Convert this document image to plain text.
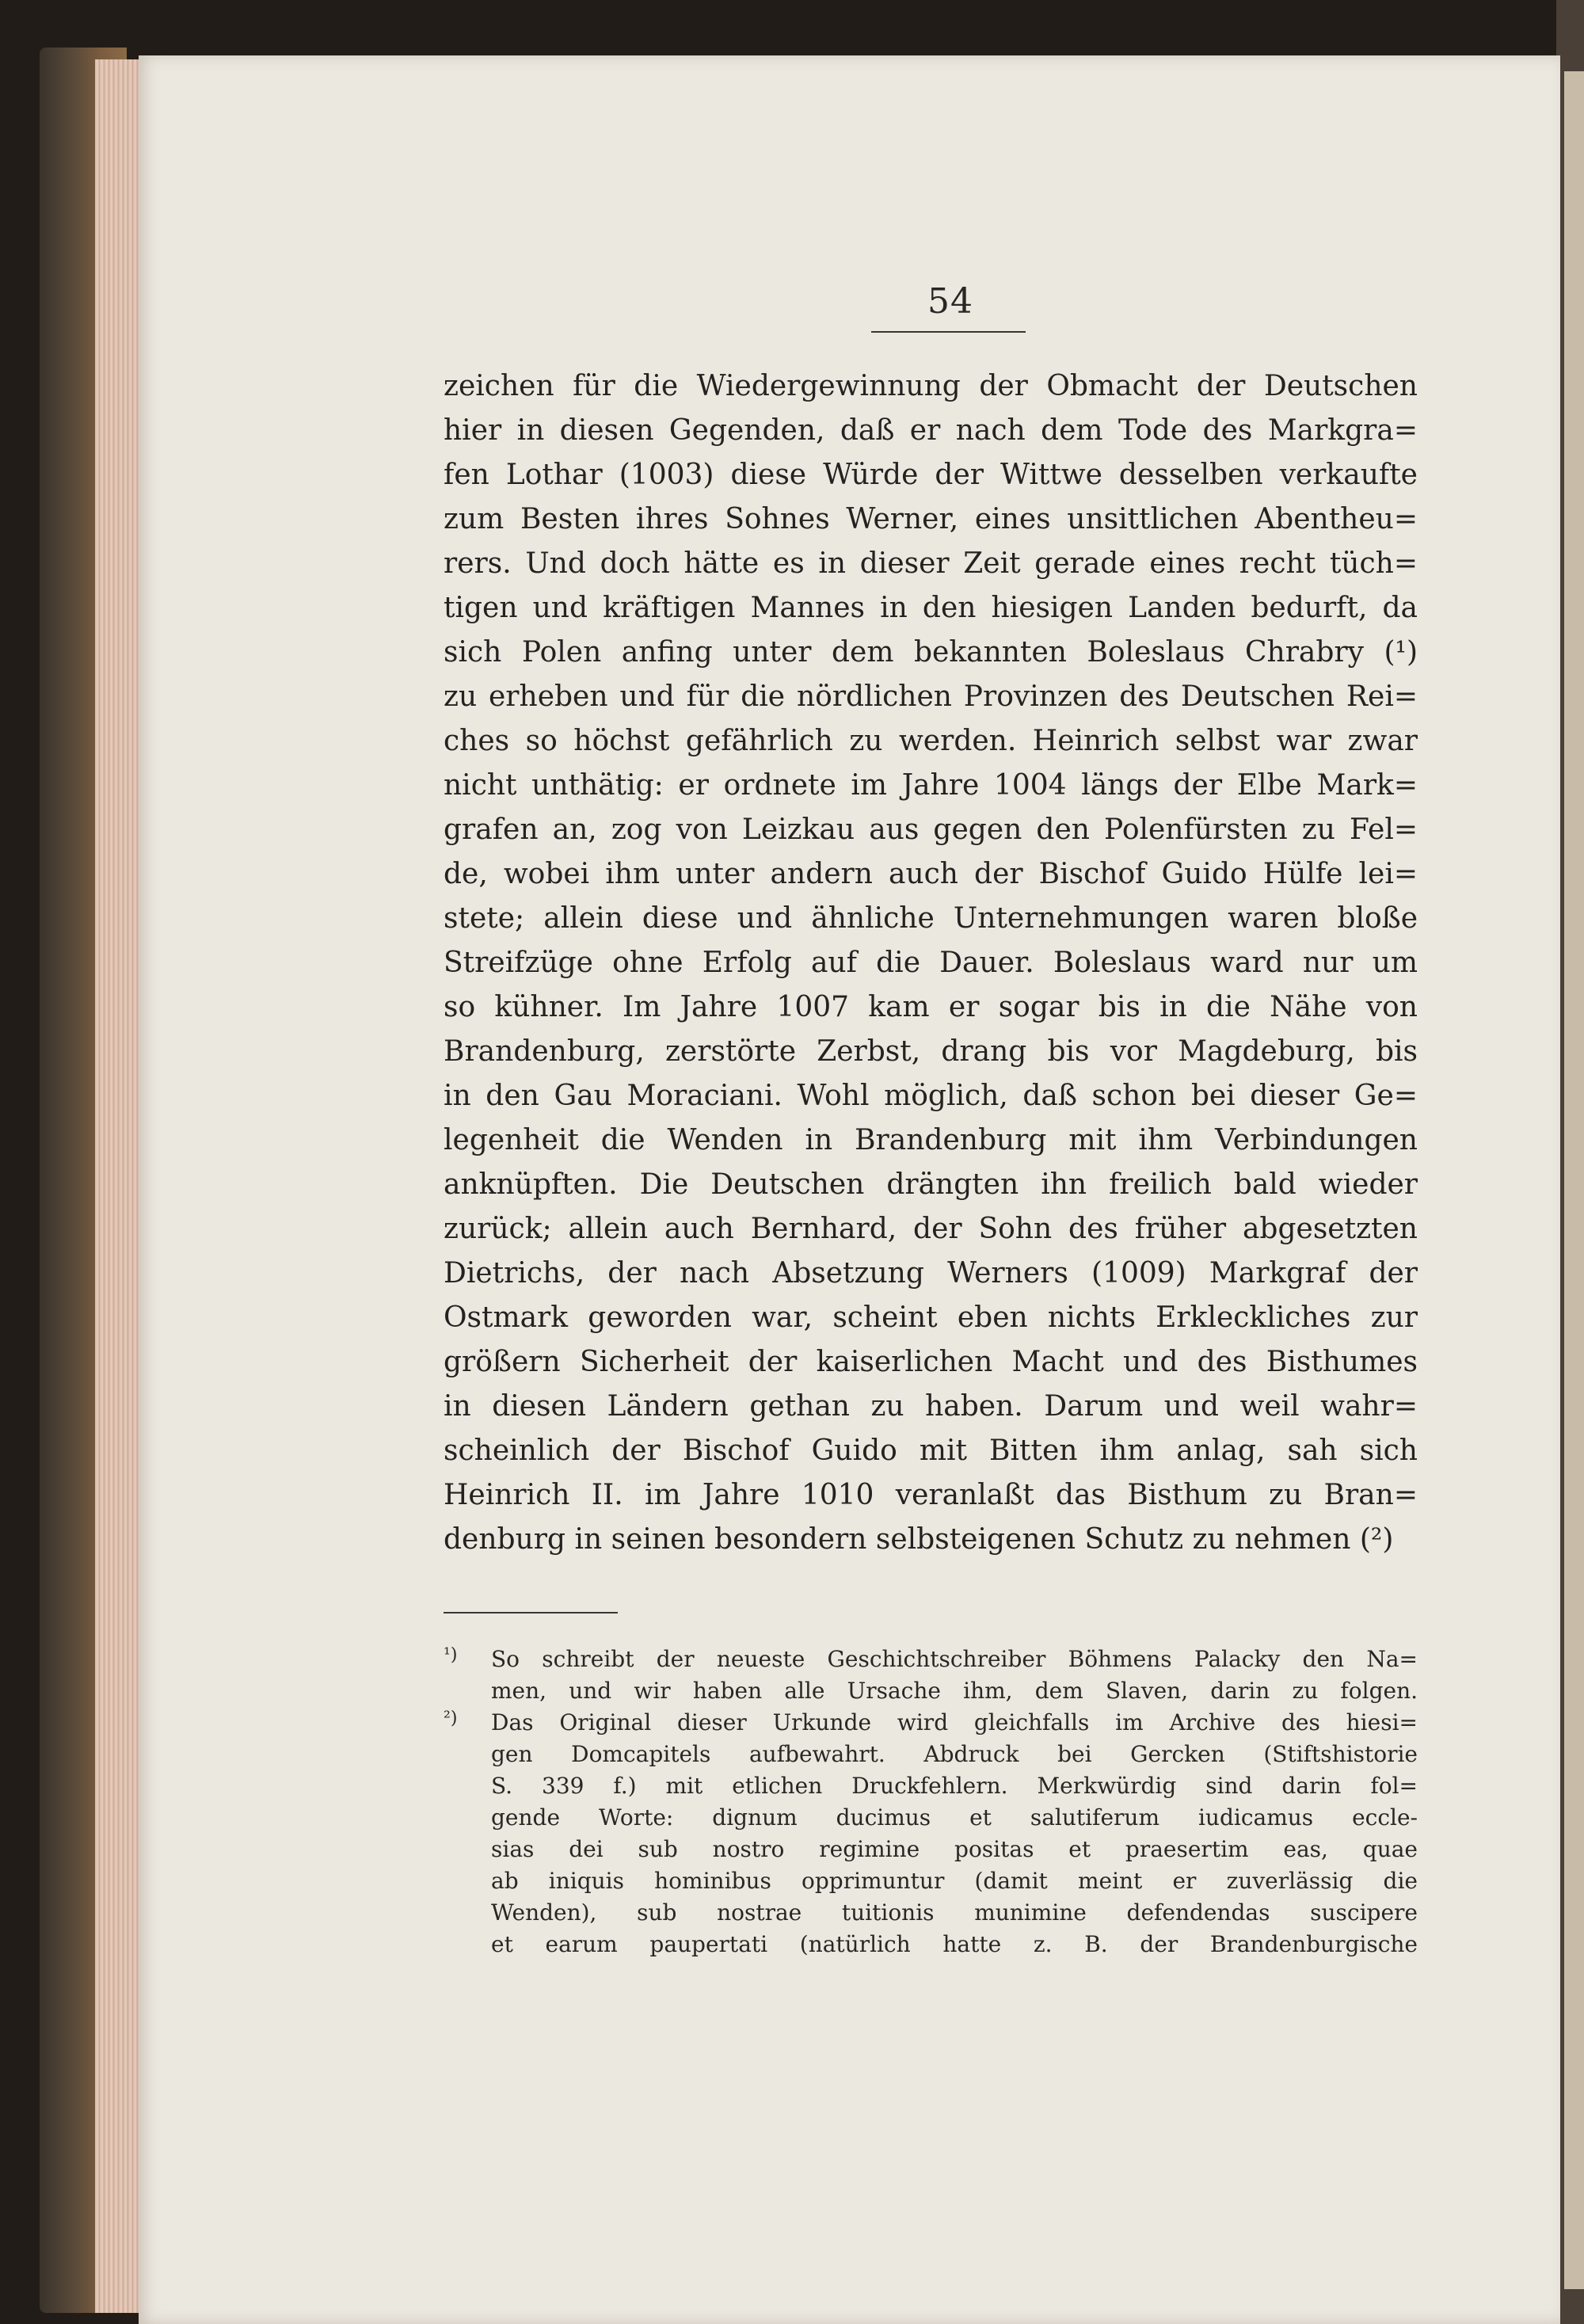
54
zeichen für die Wiedergewinnung der Obmacht der Deutschen
hier in diesen Gegenden, daß er nach dem Tode des Markgra=
fen Lothar (1003) diese Würde der Wittwe desselben verkaufte
zum Besten ihres Sohnes Werner, eines unsittlichen Abentheu=
rers. Und doch hätte es in dieser Zeit gerade eines recht tüch=
tigen und kräftigen Mannes in den hiesigen Landen bedurft, da
sich Polen anfing unter dem bekannten Boleslaus Chrabry (¹)
zu erheben und für die nördlichen Provinzen des Deutschen Rei=
ches so höchst gefährlich zu werden. Heinrich selbst war zwar
nicht unthätig: er ordnete im Jahre 1004 längs der Elbe Mark=
grafen an, zog von Leizkau aus gegen den Polenfürsten zu Fel=
de, wobei ihm unter andern auch der Bischof Guido Hülfe lei=
stete; allein diese und ähnliche Unternehmungen waren bloße
Streifzüge ohne Erfolg auf die Dauer. Boleslaus ward nur um
so kühner. Im Jahre 1007 kam er sogar bis in die Nähe von
Brandenburg, zerstörte Zerbst, drang bis vor Magdeburg, bis
in den Gau Moraciani. Wohl möglich, daß schon bei dieser Ge=
legenheit die Wenden in Brandenburg mit ihm Verbindungen
anknüpften. Die Deutschen drängten ihn freilich bald wieder
zurück; allein auch Bernhard, der Sohn des früher abgesetzten
Dietrichs, der nach Absetzung Werners (1009) Markgraf der
Ostmark geworden war, scheint eben nichts Erkleckliches zur
größern Sicherheit der kaiserlichen Macht und des Bisthumes
in diesen Ländern gethan zu haben. Darum und weil wahr=
scheinlich der Bischof Guido mit Bitten ihm anlag, sah sich
Heinrich II. im Jahre 1010 veranlaßt das Bisthum zu Bran=
denburg in seinen besondern selbsteigenen Schutz zu nehmen (²)
¹)	So schreibt der neueste Geschichtschreiber Böhmens Palacky den Na=
men, und wir haben alle Ursache ihm, dem Slaven, darin zu folgen.
²)	Das Original dieser Urkunde wird gleichfalls im Archive des hiesi=
gen Domcapitels aufbewahrt. Abdruck bei Gercken (Stiftshistorie
S. 339 f.) mit etlichen Druckfehlern. Merkwürdig sind darin fol=
gende Worte: dignum ducimus et salutiferum iudicamus eccle-
sias dei sub nostro regimine positas et praesertim eas, quae
ab iniquis hominibus opprimuntur (damit meint er zuverlässig die
Wenden), sub nostrae tuitionis munimine defendendas suscipere
et earum paupertati (natürlich hatte z. B. der Brandenburgische
